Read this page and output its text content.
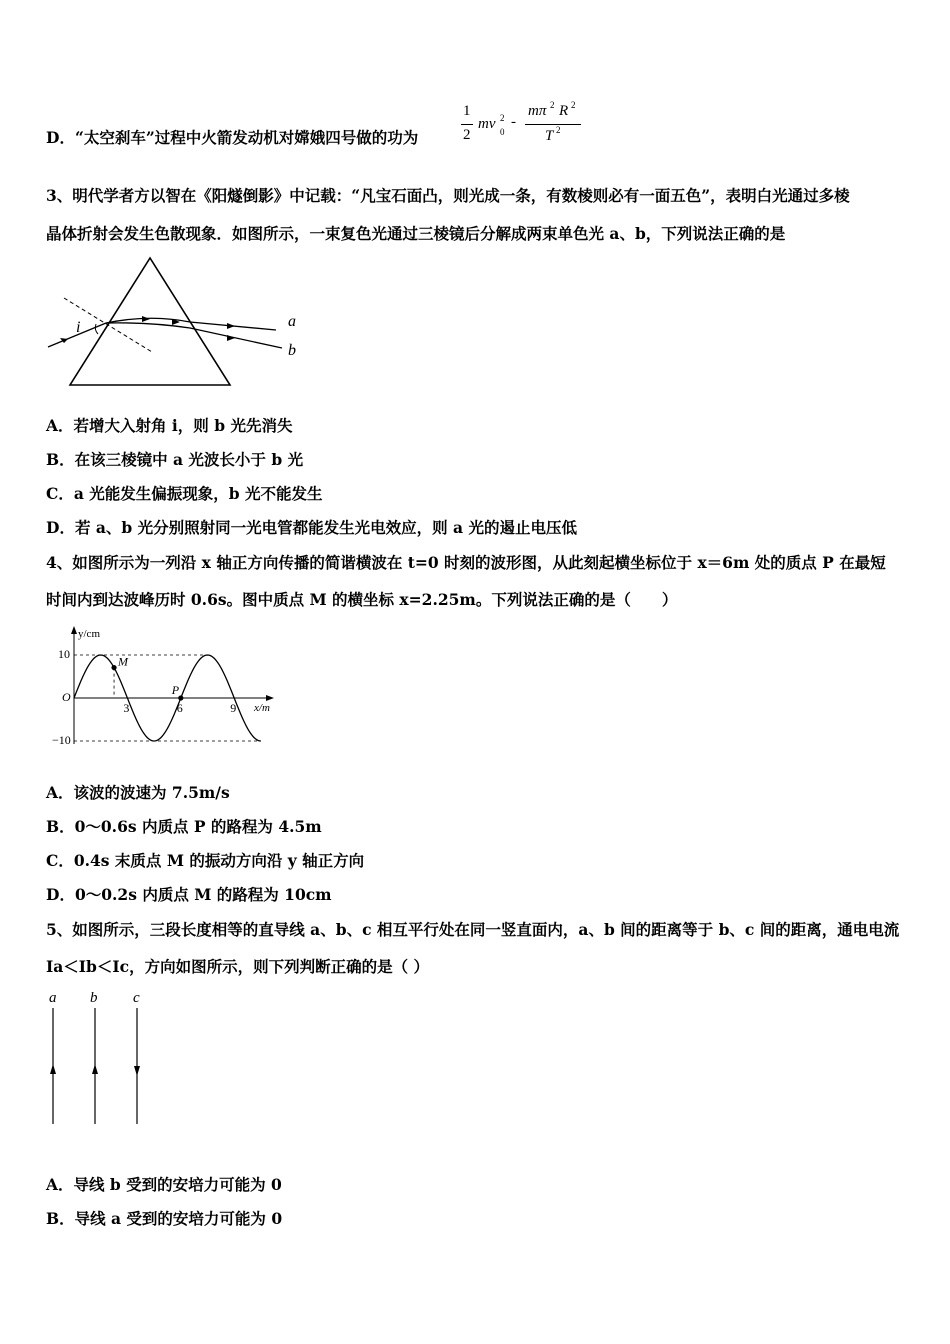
D．“太空刹车”过程中火箭发动机对嫦娥四号做的功为
1
2
mv 2
0
-
mπ 2 R 2
T 2
3、明代学者方以智在《阳燧倒影》中记载：“凡宝石面凸，则光成一条，有数棱则必有一面五色”，表明白光通过多棱
晶体折射会发生色散现象．如图所示，一束复色光通过三棱镜后分解成两束单色光 a、b，下列说法正确的是
i	a
b
A．若增大入射角 i，则 b 光先消失
B．在该三棱镜中 a 光波长小于 b 光
C．a 光能发生偏振现象，b 光不能发生
D．若 a、b 光分别照射同一光电管都能发生光电效应，则 a 光的遏止电压低
4、如图所示为一列沿 x 轴正方向传播的简谐横波在 t=0 时刻的波形图，从此刻起横坐标位于 x＝6m 处的质点 P 在最短
时间内到达波峰历时 0.6s。图中质点 M 的横坐标 x=2.25m。下列说法正确的是（　　）
y/cm
x/m
10
O
−10
3	6	9
M
P
A．该波的波速为 7.5m/s
B．0～0.6s 内质点 P 的路程为 4.5m
C．0.4s 末质点 M 的振动方向沿 y 轴正方向
D．0～0.2s 内质点 M 的路程为 10cm
5、如图所示，三段长度相等的直导线 a、b、c 相互平行处在同一竖直面内，a、b 间的距离等于 b、c 间的距离，通电电流
Ia＜Ib＜Ic，方向如图所示，则下列判断正确的是（ ）
a b c
A．导线 b 受到的安培力可能为 0
B．导线 a 受到的安培力可能为 0
